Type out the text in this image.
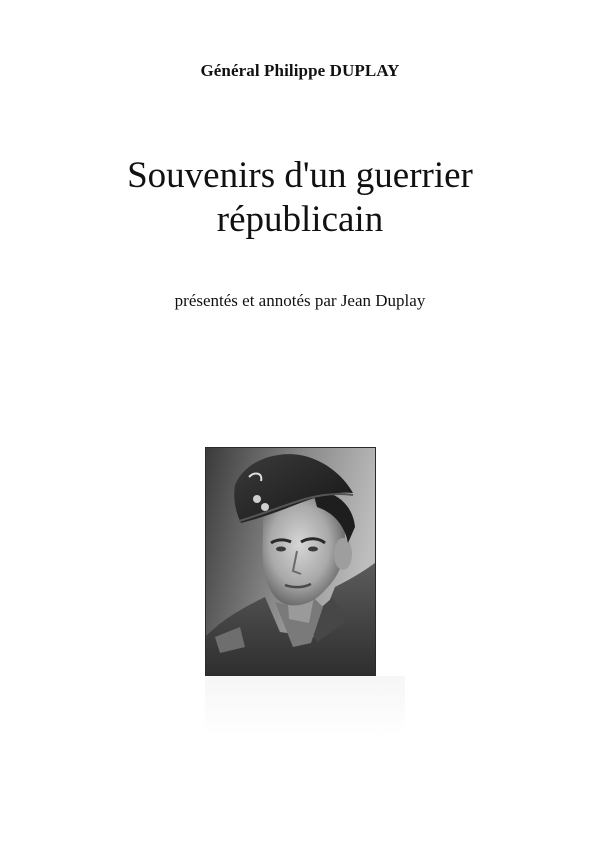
Général Philippe DUPLAY
Souvenirs d'un guerrier
républicain
présentés et annotés par Jean Duplay
